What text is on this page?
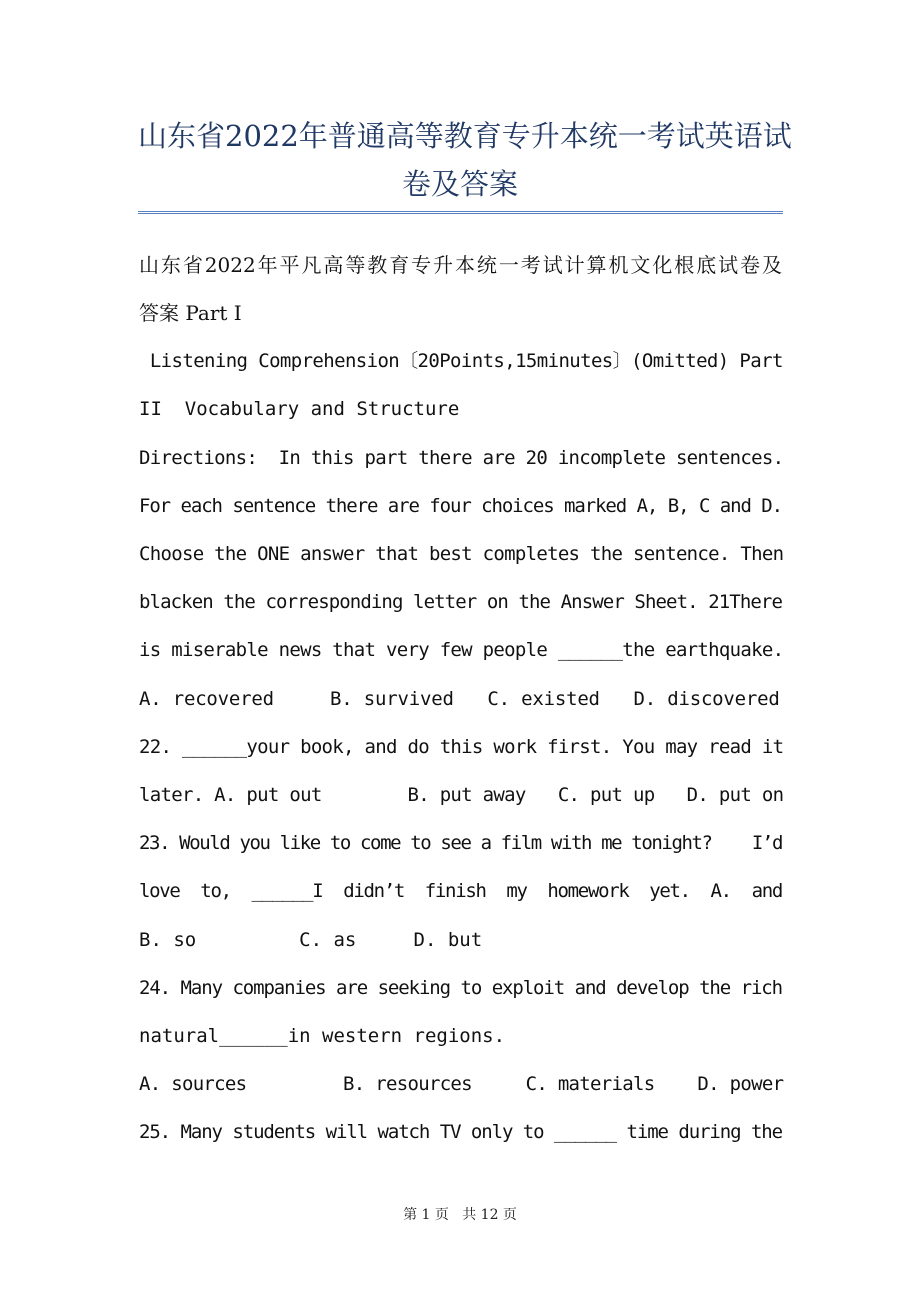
山东省2022年普通高等教育专升本统一考试英语试
卷及答案
山东省2022年平凡高等教育专升本统一考试计算机文化根底试卷及
答案 Part I
Listening Comprehension〔20Points,15minutes〕(Omitted) Part
II  Vocabulary and Structure
Directions:  In this part there are 20 incomplete sentences.
For each sentence there are four choices marked A, B, C and D.
Choose the ONE answer that best completes the sentence. Then
blacken the corresponding letter on the Answer Sheet. 21There
is miserable news that very few people ______the earthquake.
A. recovered     B. survived   C. existed   D. discovered
22. ______your book, and do this work first. You may read it
later. A. put out        B. put away   C. put up   D. put on
23. Would you like to come to see a film with me tonight?    I’d
love  to,  ______I  didn’t  finish  my  homework  yet.  A.  and
B. so         C. as     D. but
24. Many companies are seeking to exploit and develop the rich
natural______in western regions.
A. sources         B. resources     C. materials    D. power
25. Many students will watch TV only to ______ time during the
第 1 页   共 12 页
